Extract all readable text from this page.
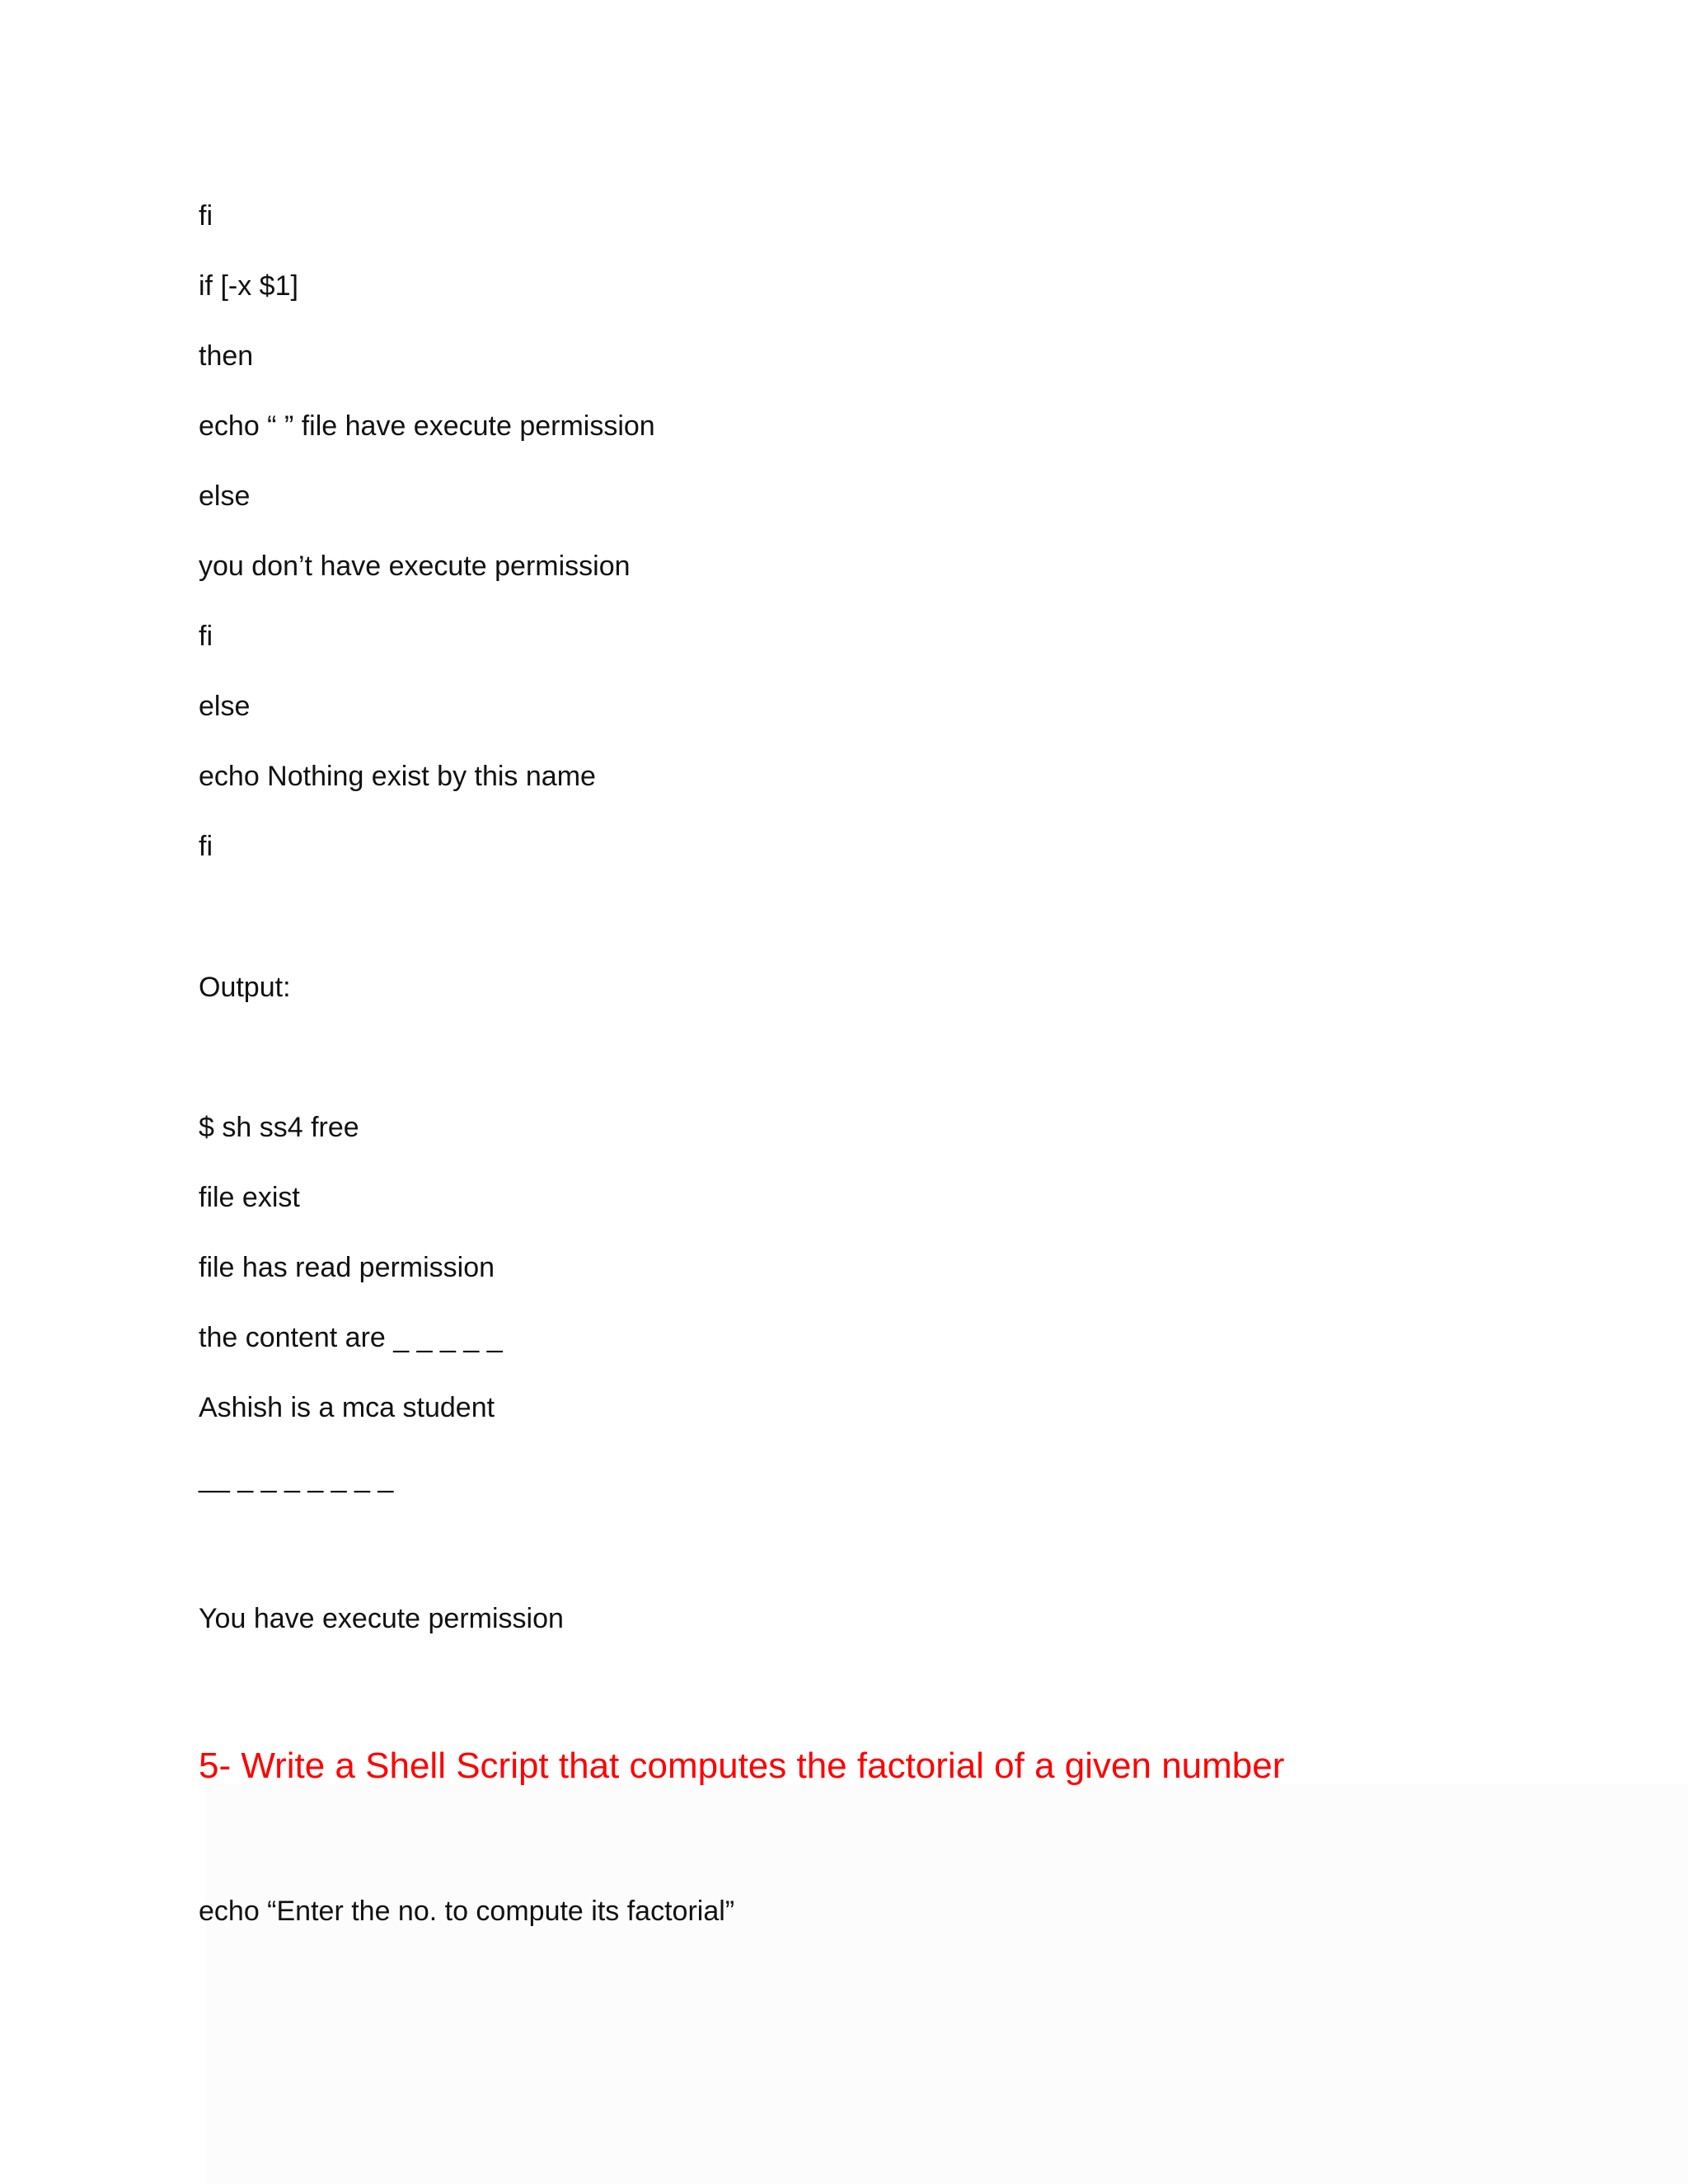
fi

if [-x $1]

then

echo “ ” file have execute permission

else

you don’t have execute permission

fi

else

echo Nothing exist by this name

fi

Output:

$ sh ss4 free

file exist

file has read permission

the content are _ _ _ _ _

Ashish is a mca student

__ _ _ _ _ _ _ _

You have execute permission

5- Write a Shell Script that computes the factorial of a given number

echo “Enter the no. to compute its factorial”
